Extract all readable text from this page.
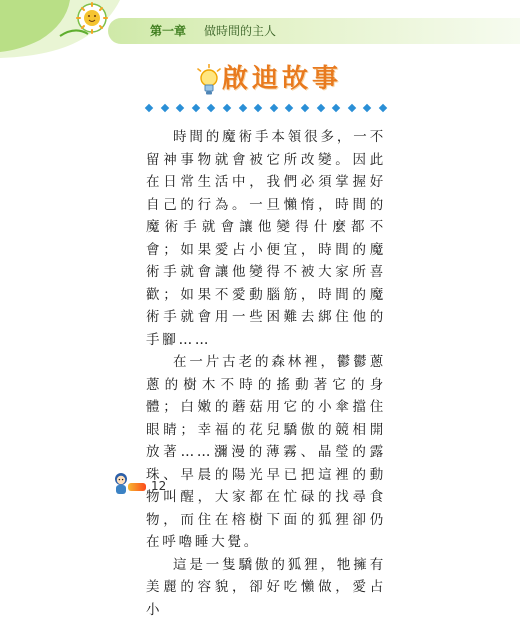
第一章 做時間的主人
啟迪故事

時間的魔術手本領很多，一不留神事物就會被它所改變。因此在日常生活中，我們必須掌握好自己的行為。一旦懶惰，時間的魔術手就會讓他變得什麼都不會；如果愛占小便宜，時間的魔術手就會讓他變得不被大家所喜歡；如果不愛動腦筋，時間的魔術手就會用一些困難去綁住他的手腳……

在一片古老的森林裡，鬱鬱蔥蔥的樹木不時的搖動著它的身體；白嫩的蘑菇用它的小傘擋住眼睛；幸福的花兒驕傲的競相開放著……瀰漫的薄霧、晶瑩的露珠、早晨的陽光早已把這裡的動物叫醒，大家都在忙碌的找尋食物，而住在榕樹下面的狐狸卻仍在呼嚕睡大覺。

這是一隻驕傲的狐狸，牠擁有美麗的容貌，卻好吃懶做，愛占小

12
